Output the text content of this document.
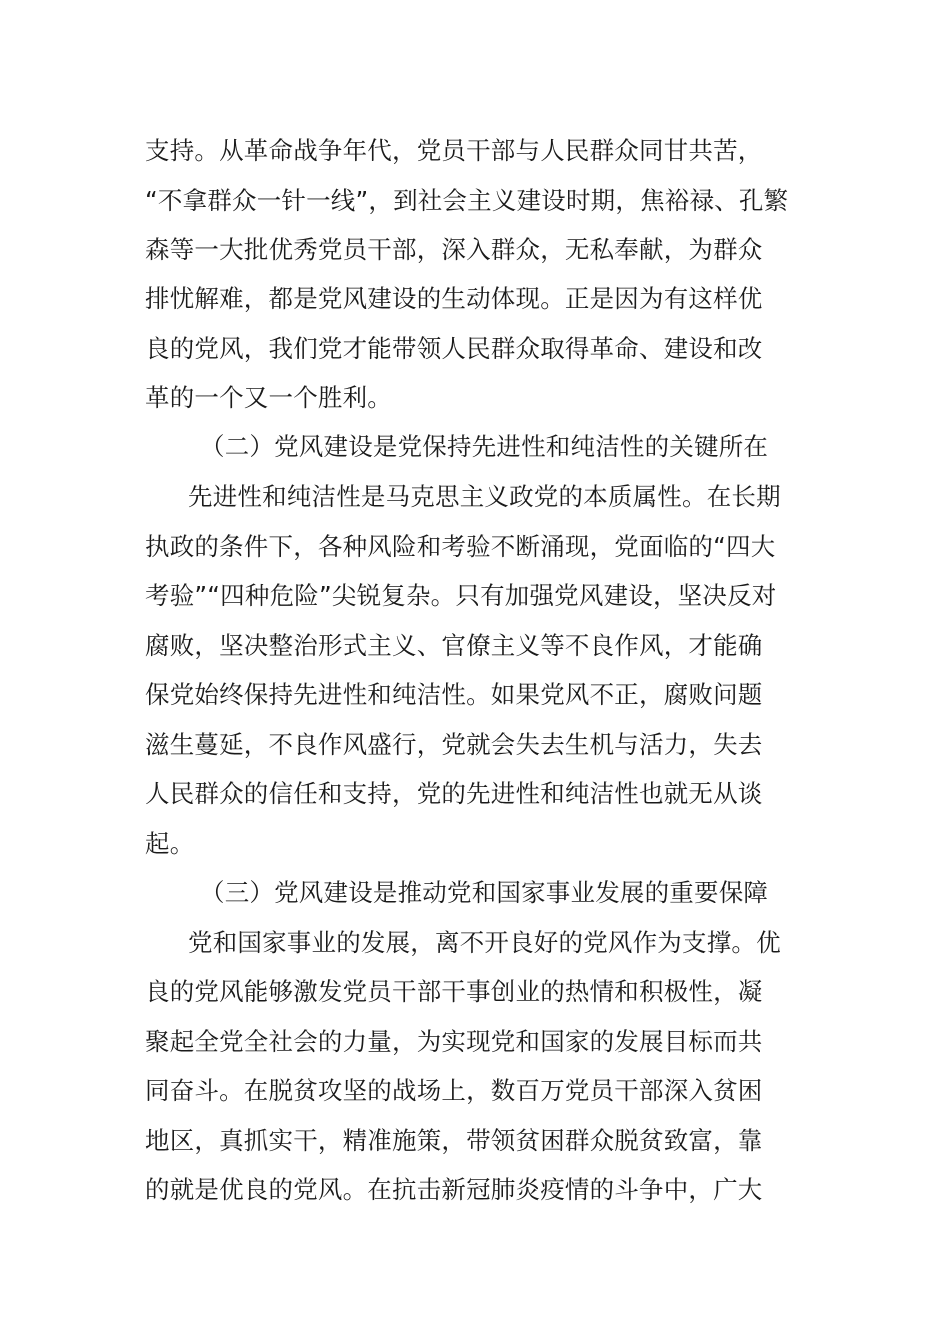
支持。从革命战争年代，党员干部与人民群众同甘共苦，
“不拿群众一针一线”，到社会主义建设时期，焦裕禄、孔繁
森等一大批优秀党员干部，深入群众，无私奉献，为群众
排忧解难，都是党风建设的生动体现。正是因为有这样优
良的党风，我们党才能带领人民群众取得革命、建设和改
革的一个又一个胜利。
（二）党风建设是党保持先进性和纯洁性的关键所在
先进性和纯洁性是马克思主义政党的本质属性。在长期
执政的条件下，各种风险和考验不断涌现，党面临的“四大
考验”“四种危险”尖锐复杂。只有加强党风建设，坚决反对
腐败，坚决整治形式主义、官僚主义等不良作风，才能确
保党始终保持先进性和纯洁性。如果党风不正，腐败问题
滋生蔓延，不良作风盛行，党就会失去生机与活力，失去
人民群众的信任和支持，党的先进性和纯洁性也就无从谈
起。
（三）党风建设是推动党和国家事业发展的重要保障
党和国家事业的发展，离不开良好的党风作为支撑。优
良的党风能够激发党员干部干事创业的热情和积极性，凝
聚起全党全社会的力量，为实现党和国家的发展目标而共
同奋斗。在脱贫攻坚的战场上，数百万党员干部深入贫困
地区，真抓实干，精准施策，带领贫困群众脱贫致富，靠
的就是优良的党风。在抗击新冠肺炎疫情的斗争中，广大
